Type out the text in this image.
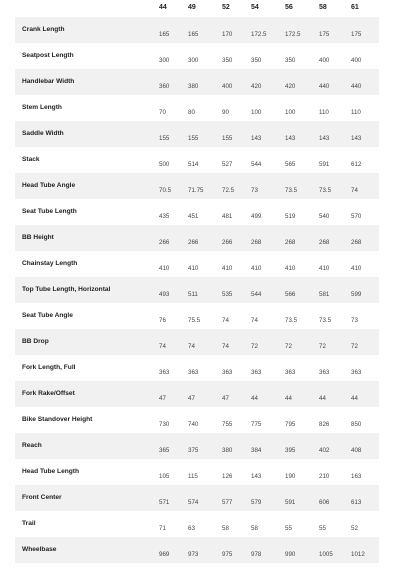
44	49	52	54	56	58	61
Crank Length
165	165	170	172.5	172.5	175	175
Seatpost Length
300	300	350	350	350	400	400
Handlebar Width
360	380	400	420	420	440	440
Stem Length
70	80	90	100	100	110	110
Saddle Width
155	155	155	143	143	143	143
Stack
500	514	527	544	565	591	612
Head Tube Angle
70.5	71.75	72.5	73	73.5	73.5	74
Seat Tube Length
435	451	481	499	519	540	570
BB Height
266	266	266	268	268	268	268
Chainstay Length
410	410	410	410	410	410	410
Top Tube Length, Horizontal
493	511	535	544	566	581	599
Seat Tube Angle
76	75.5	74	74	73.5	73.5	73
BB Drop
74	74	74	72	72	72	72
Fork Length, Full
363	363	363	363	363	363	363
Fork Rake/Offset
47	47	47	44	44	44	44
Bike Standover Height
730	740	755	775	795	826	850
Reach
365	375	380	384	395	402	408
Head Tube Length
105	115	126	143	190	210	163
Front Center
571	574	577	579	591	606	613
Trail
71	63	58	58	55	55	52
Wheelbase
969	973	975	978	990	1005	1012
